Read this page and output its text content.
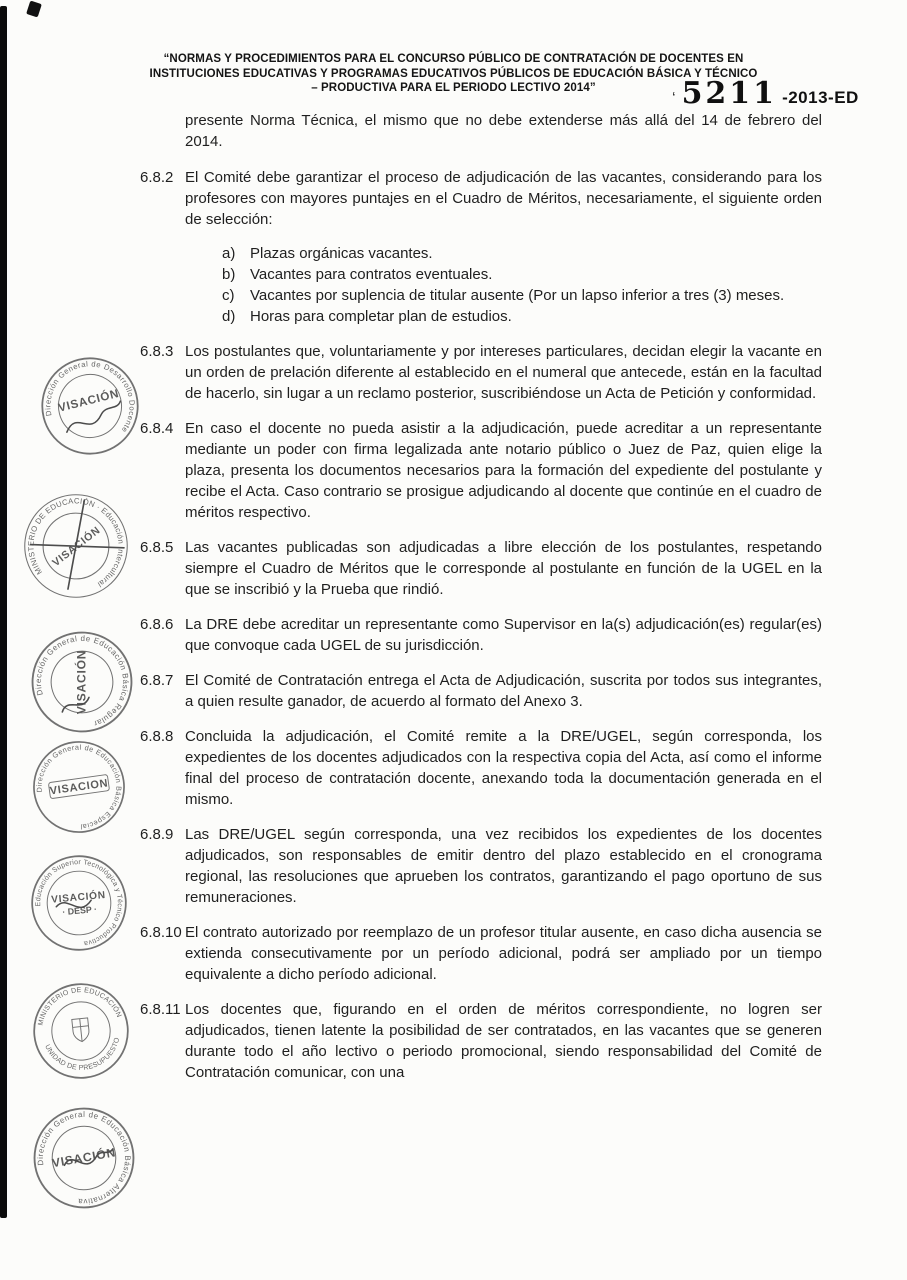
“NORMAS Y PROCEDIMIENTOS PARA EL CONCURSO PÚBLICO DE CONTRATACIÓN DE DOCENTES EN
INSTITUCIONES EDUCATIVAS Y PROGRAMAS EDUCATIVOS PÚBLICOS DE EDUCACIÓN BÁSICA Y TÉCNICO
– PRODUCTIVA PARA EL PERIODO LECTIVO 2014”
‘ 5211 -2013-ED
presente Norma Técnica, el mismo que no debe extenderse más allá del 14 de febrero del 2014.
6.8.2 El Comité debe garantizar el proceso de adjudicación de las vacantes, considerando para los profesores con mayores puntajes en el Cuadro de Méritos, necesariamente, el siguiente orden de selección:
a) Plazas orgánicas vacantes.
b) Vacantes para contratos eventuales.
c)	Vacantes por suplencia de titular ausente (Por un lapso inferior a tres (3) meses.
d) Horas para completar plan de estudios.
6.8.3 Los postulantes que, voluntariamente y por intereses particulares, decidan elegir la vacante en un orden de prelación diferente al establecido en el numeral que antecede, están en la facultad de hacerlo, sin lugar a un reclamo posterior, suscribiéndose un Acta de Petición y conformidad.
6.8.4 En caso el docente no pueda asistir a la adjudicación, puede acreditar a un representante mediante un poder con firma legalizada ante notario público o Juez de Paz, quien elige la plaza, presenta los documentos necesarios para la formación del expediente del postulante y recibe el Acta. Caso contrario se prosigue adjudicando al docente que continúe en el cuadro de méritos respectivo.
6.8.5 Las vacantes publicadas son adjudicadas a libre elección de los postulantes, respetando siempre el Cuadro de Méritos que le corresponde al postulante en función de la UGEL en la que se inscribió y la Prueba que rindió.
6.8.6 La DRE debe acreditar un representante como Supervisor en la(s) adjudicación(es) regular(es) que convoque cada UGEL de su jurisdicción.
6.8.7 El Comité de Contratación entrega el Acta de Adjudicación, suscrita por todos sus integrantes, a quien resulte ganador, de acuerdo al formato del Anexo 3.
6.8.8 Concluida la adjudicación, el Comité remite a la DRE/UGEL, según corresponda, los expedientes de los docentes adjudicados con la respectiva copia del Acta, así como el informe final del proceso de contratación docente, anexando toda la documentación generada en el mismo.
6.8.9 Las DRE/UGEL según corresponda, una vez recibidos los expedientes de los docentes adjudicados, son responsables de emitir dentro del plazo establecido en el cronograma regional, las resoluciones que aprueben los contratos, garantizando el pago oportuno de sus remuneraciones.
6.8.10 El contrato autorizado por reemplazo de un profesor titular ausente, en caso dicha ausencia se extienda consecutivamente por un período adicional, podrá ser ampliado por un tiempo equivalente a dicho período adicional.
6.8.11 Los docentes que, figurando en el orden de méritos correspondiente, no logren ser adjudicados, tienen latente la posibilidad de ser contratados, en las vacantes que se generen durante todo el año lectivo o periodo promocional, siendo responsabilidad del Comité de Contratación comunicar, con una
Dirección General de Desarrollo Docente
VISACIÓN
MINISTERIO DE EDUCACIÓN · Educación Intercultural
VISACIÓN
Dirección General de Educación Básica Regular
VISACIÓN
Dirección General de Educación Básica Especial
VISACION
Educación Superior Tecnológica y Técnico Productiva
VISACIÓN
· DESP ·
MINISTERIO DE EDUCACIÓN
UNIDAD DE PRESUPUESTO
Dirección General de Educación Básica Alternativa
VISACIÓN
